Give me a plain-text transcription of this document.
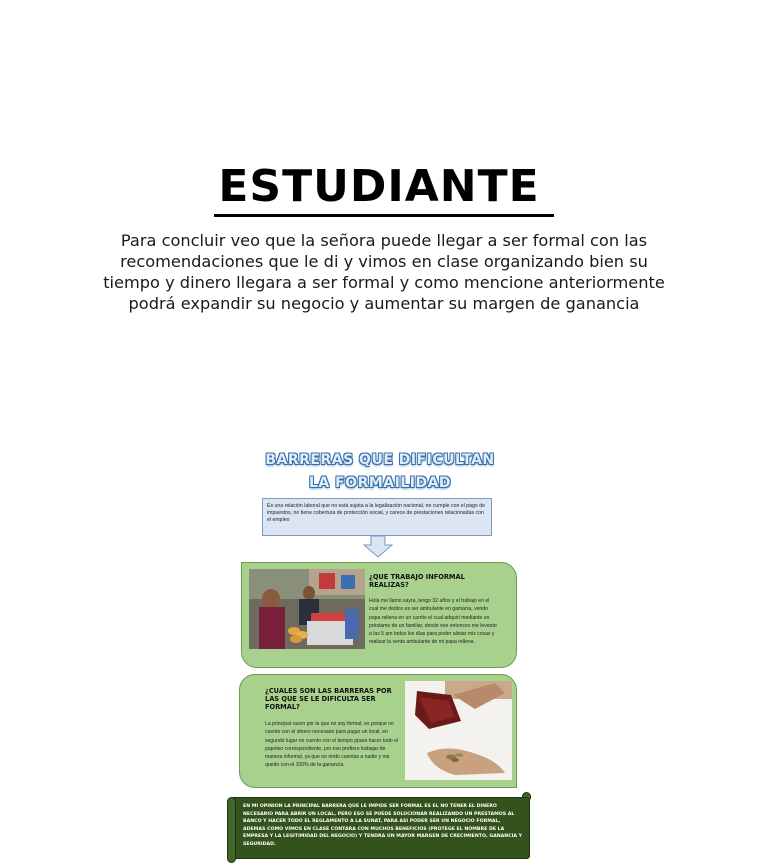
ESTUDIANTE
Para concluir veo que la señora puede llegar a ser formal con las recomendaciones que le di y vimos en clase organizando bien su tiempo y dinero llegara a ser formal y como mencione anteriormente podrá expandir su negocio y aumentar su margen de ganancia
BARRERAS QUE DIFICULTAN
LA FORMAILIDAD
Es una relación laboral que no está sujeta a la legalización nacional, no cumple con el pago de impuestos, no tiene cobertura de protección social, y carece de prestaciones relacionadas con el empleo
¿QUE TRABAJO INFORMAL REALIZAS?
Hola me llamo sayra, tengo 32 años y el trabajo en el cual me dedico es ser ambulante en gamarra, vendo papa rellena en un carrito el cual adquirí mediante un préstamo de un familiar, desde ese entonces me levanto a las 5 am todos los días para poder alistar mis cosas y realizar la venta ambulante de mi papa rellena.
¿CUALES SON LAS BARRERAS POR LAS QUE SE LE DIFICULTA SER FORMAL?
La principal razon por la que no soy formal, es porque no cuento con el dinero necesario para pagar un local, en segundo lugar no cuento con el tiempo ppara hacer todo el papeleo correspondiente, por eso prefiero trabajar de manera informal, ya que no rindo cuentas a nadie y me quedo con el 100% de la ganancia.
EN MI OPINION LA PRINCIPAL BARRERA QUE LE IMPIDE SER FORMAL ES EL NO TENER EL DINERO NECESARIO PARA ABRIR UN LOCAL, PERO ESO SE PUEDE SOLUCIONAR REALIZANDO UN PRESTAMOS AL BANCO Y HACER TODO EL REGLAMENTO A LA SUNAT, PARA ASI PODER SER UN NEGOCIO FORMAL, ADEMAS COMO VIMOS EN CLASE CONTARA CON MUCHOS BENEFICIOS (PROTEGE EL NOMBRE DE LA EMPRESA Y LA LEGITIMIDAD DEL NEGOCIO) Y TENDRA UN MAYOR MARGEN DE CRECIMIENTO, GANANCIA Y SEGURIDAD.
